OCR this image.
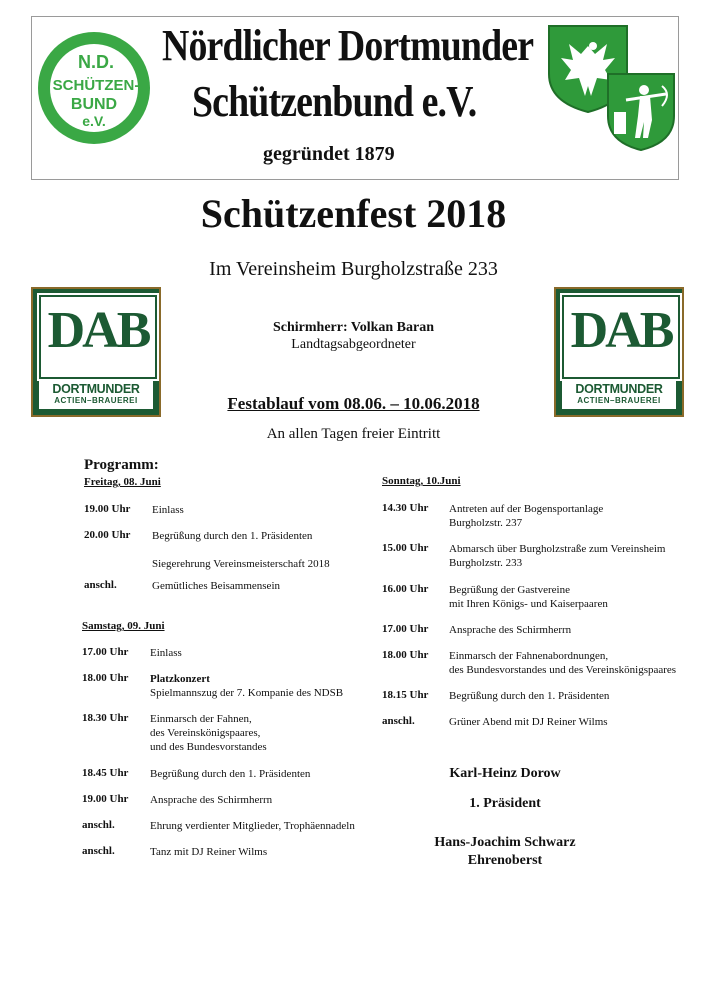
N.D.
SCHÜTZEN-
BUND
e.V.
Nördlicher Dortmunder
Schützenbund e.V.
gegründet 1879
Schützenfest 2018
Im Vereinsheim Burgholzstraße 233
DAB
DORTMUNDER
ACTIEN–BRAUEREI
DAB
DORTMUNDER
ACTIEN–BRAUEREI
Schirmherr: Volkan Baran
Landtagsabgeordneter
Festablauf vom 08.06. – 10.06.2018
An allen Tagen freier Eintritt
Programm:
Freitag, 08. Juni
19.00 Uhr Einlass
20.00 Uhr Begrüßung durch den 1. Präsidenten
Siegerehrung Vereinsmeisterschaft 2018
anschl.	Gemütliches Beisammensein
Samstag, 09. Juni
17.00 Uhr Einlass
18.00 Uhr Platzkonzert
Spielmannszug der 7. Kompanie des NDSB
18.30 Uhr Einmarsch der Fahnen,
des Vereinskönigspaares,
und des Bundesvorstandes
18.45 Uhr Begrüßung durch den 1. Präsidenten
19.00 Uhr Ansprache des Schirmherrn
anschl.	Ehrung verdienter Mitglieder, Trophäennadeln
anschl.	Tanz mit DJ Reiner Wilms
Sonntag, 10.Juni
14.30 Uhr Antreten auf der Bogensportanlage
Burgholzstr. 237
15.00 Uhr Abmarsch über Burgholzstraße zum Vereinsheim
Burgholzstr. 233
16.00 Uhr Begrüßung der Gastvereine
mit Ihren Königs- und Kaiserpaaren
17.00 Uhr Ansprache des Schirmherrn
18.00 Uhr Einmarsch der Fahnenabordnungen,
des Bundesvorstandes und des Vereinskönigspaares
18.15 Uhr Begrüßung durch den 1. Präsidenten
anschl.	Grüner Abend mit DJ Reiner Wilms
Karl-Heinz Dorow
1. Präsident
Hans-Joachim Schwarz
Ehrenoberst
